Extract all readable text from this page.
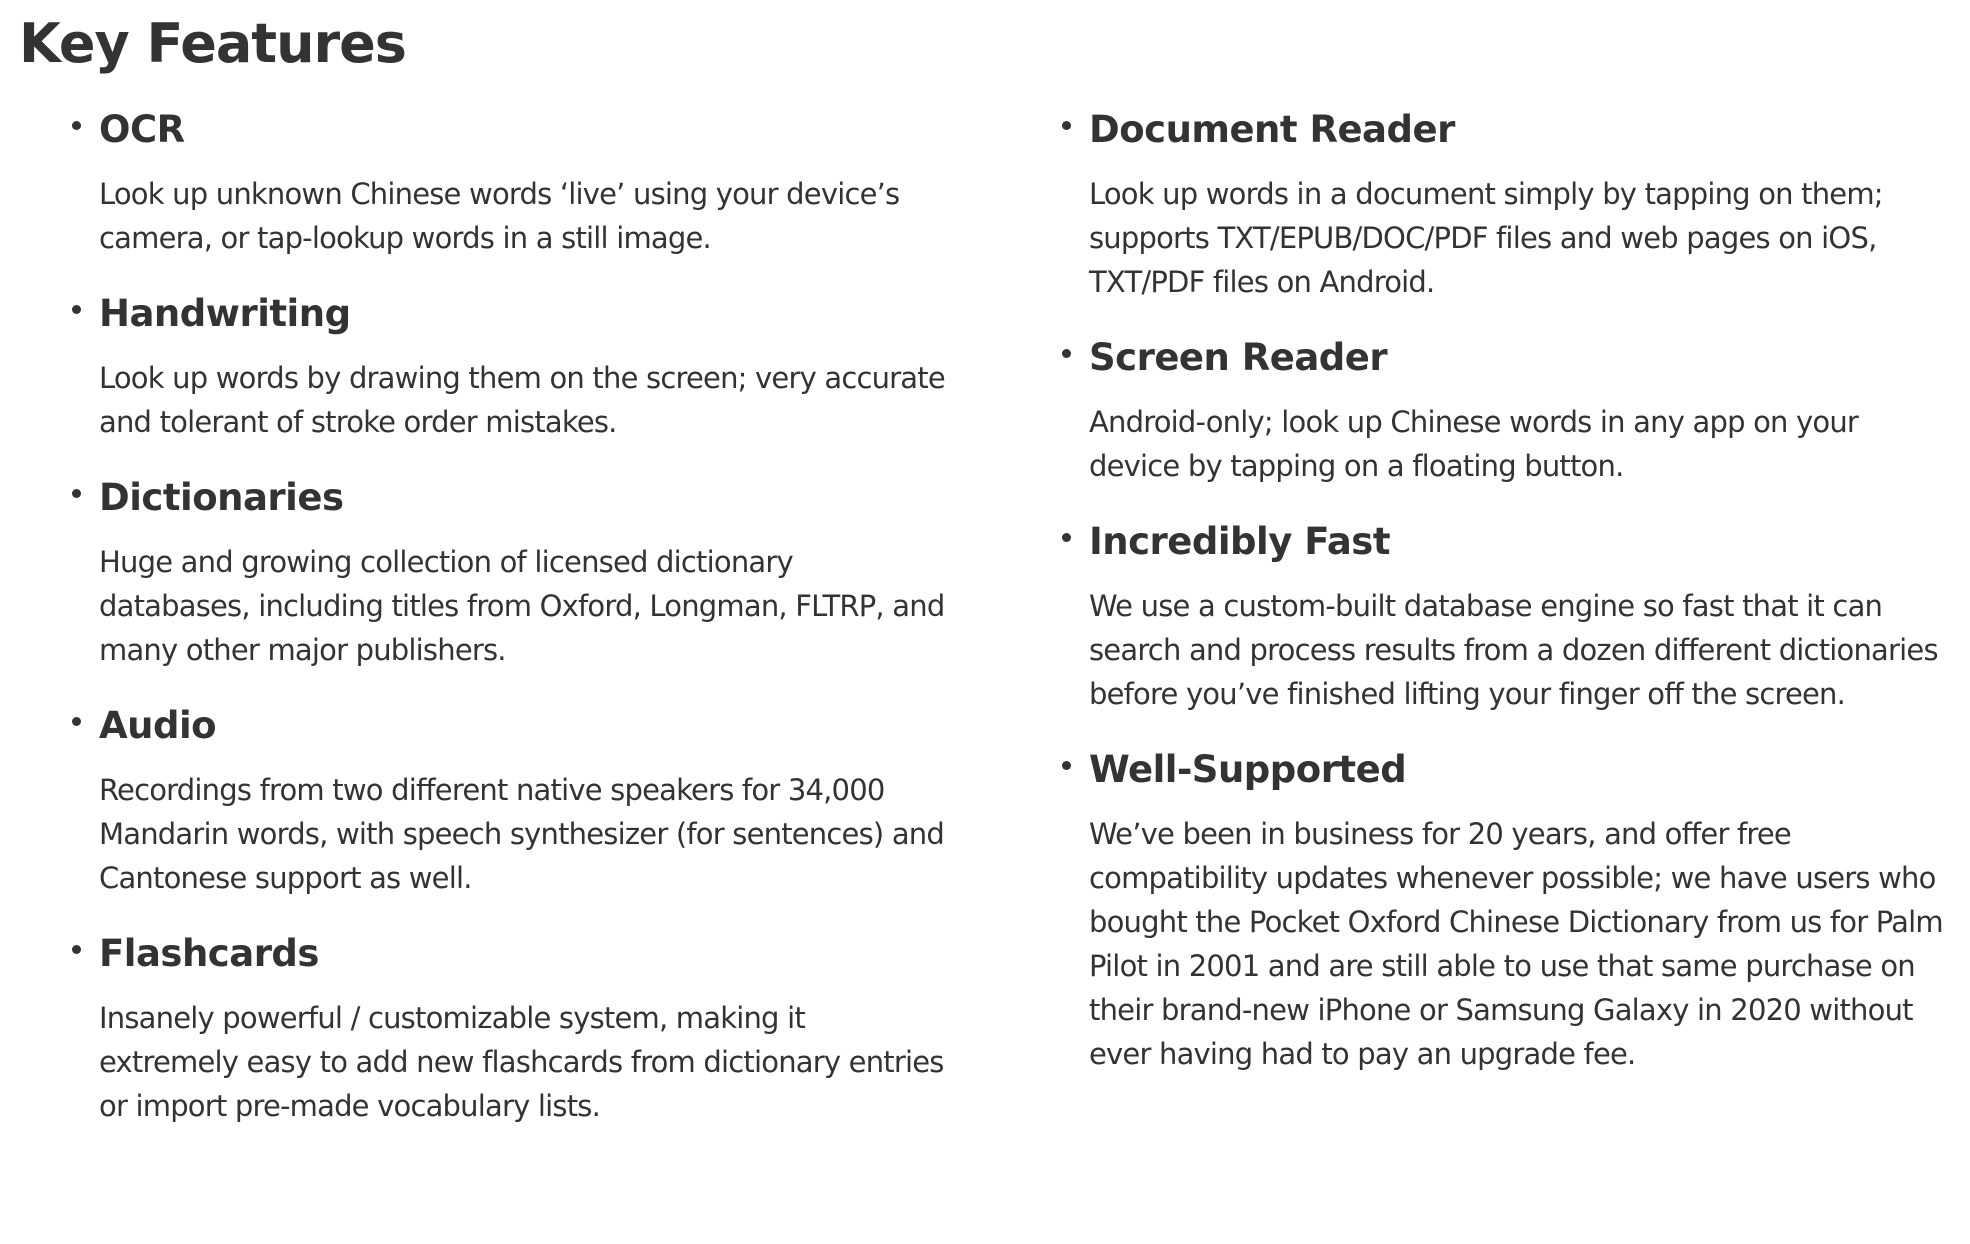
Key Features
OCR

Look up unknown Chinese words ‘live’ using your device’s camera, or tap-lookup words in a still image.

Handwriting

Look up words by drawing them on the screen; very accurate and tolerant of stroke order mistakes.

Dictionaries

Huge and growing collection of licensed dictionary databases, including titles from Oxford, Longman, FLTRP, and many other major publishers.

Audio

Recordings from two different native speakers for 34,000 Mandarin words, with speech synthesizer (for sentences) and Cantonese support as well.

Flashcards

Insanely powerful / customizable system, making it extremely easy to add new flashcards from dictionary entries or import pre-made vocabulary lists.

Document Reader

Look up words in a document simply by tapping on them; supports TXT/EPUB/DOC/PDF files and web pages on iOS, TXT/PDF files on Android.

Screen Reader

Android-only; look up Chinese words in any app on your device by tapping on a floating button.

Incredibly Fast

We use a custom-built database engine so fast that it can search and process results from a dozen different dictionaries before you’ve finished lifting your finger off the screen.

Well-Supported

We’ve been in business for 20 years, and offer free compatibility updates whenever possible; we have users who bought the Pocket Oxford Chinese Dictionary from us for Palm Pilot in 2001 and are still able to use that same purchase on their brand-new iPhone or Samsung Galaxy in 2020 without ever having had to pay an upgrade fee.
